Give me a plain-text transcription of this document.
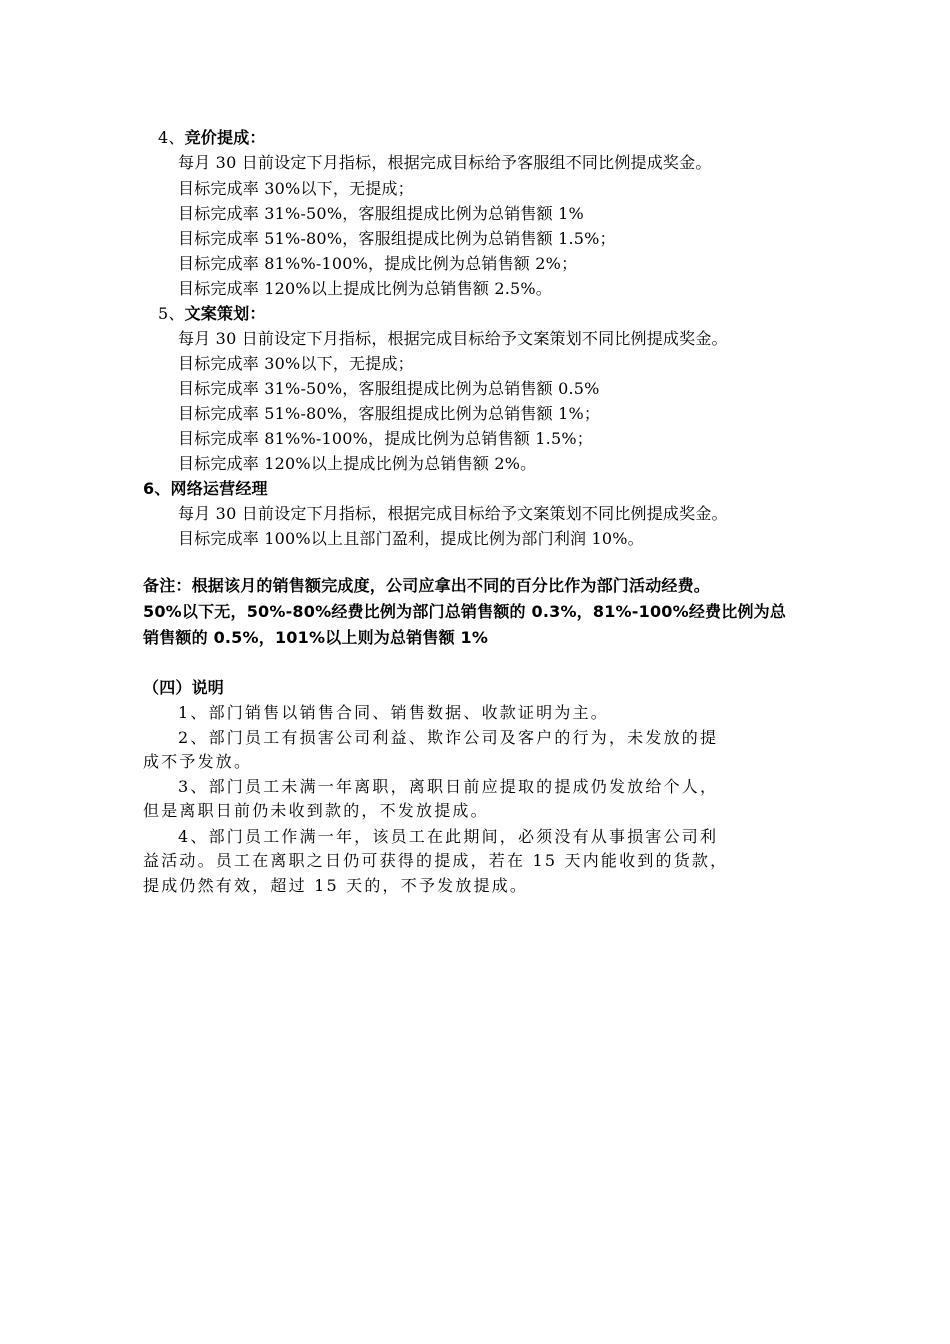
4、竞价提成：
每月 30 日前设定下月指标，根据完成目标给予客服组不同比例提成奖金。
目标完成率 30%以下，无提成；
目标完成率 31%-50%，客服组提成比例为总销售额 1%
目标完成率 51%-80%，客服组提成比例为总销售额 1.5%；
目标完成率 81%%-100%，提成比例为总销售额 2%；
目标完成率 120%以上提成比例为总销售额 2.5%。
5、文案策划：
每月 30 日前设定下月指标，根据完成目标给予文案策划不同比例提成奖金。
目标完成率 30%以下，无提成；
目标完成率 31%-50%，客服组提成比例为总销售额 0.5%
目标完成率 51%-80%，客服组提成比例为总销售额 1%；
目标完成率 81%%-100%，提成比例为总销售额 1.5%；
目标完成率 120%以上提成比例为总销售额 2%。
6、网络运营经理
每月 30 日前设定下月指标，根据完成目标给予文案策划不同比例提成奖金。
目标完成率 100%以上且部门盈利，提成比例为部门利润 10%。
备注：根据该月的销售额完成度，公司应拿出不同的百分比作为部门活动经费。
50%以下无，50%-80%经费比例为部门总销售额的 0.3%，81%-100%经费比例为总
销售额的 0.5%，101%以上则为总销售额 1%
（四）说明
1、部门销售以销售合同、销售数据、收款证明为主。
2、部门员工有损害公司利益、欺诈公司及客户的行为，未发放的提
成不予发放。
3、部门员工未满一年离职，离职日前应提取的提成仍发放给个人，
但是离职日前仍未收到款的，不发放提成。
4、部门员工作满一年，该员工在此期间，必须没有从事损害公司利
益活动。员工在离职之日仍可获得的提成，若在 15 天内能收到的货款，
提成仍然有效，超过 15 天的，不予发放提成。
